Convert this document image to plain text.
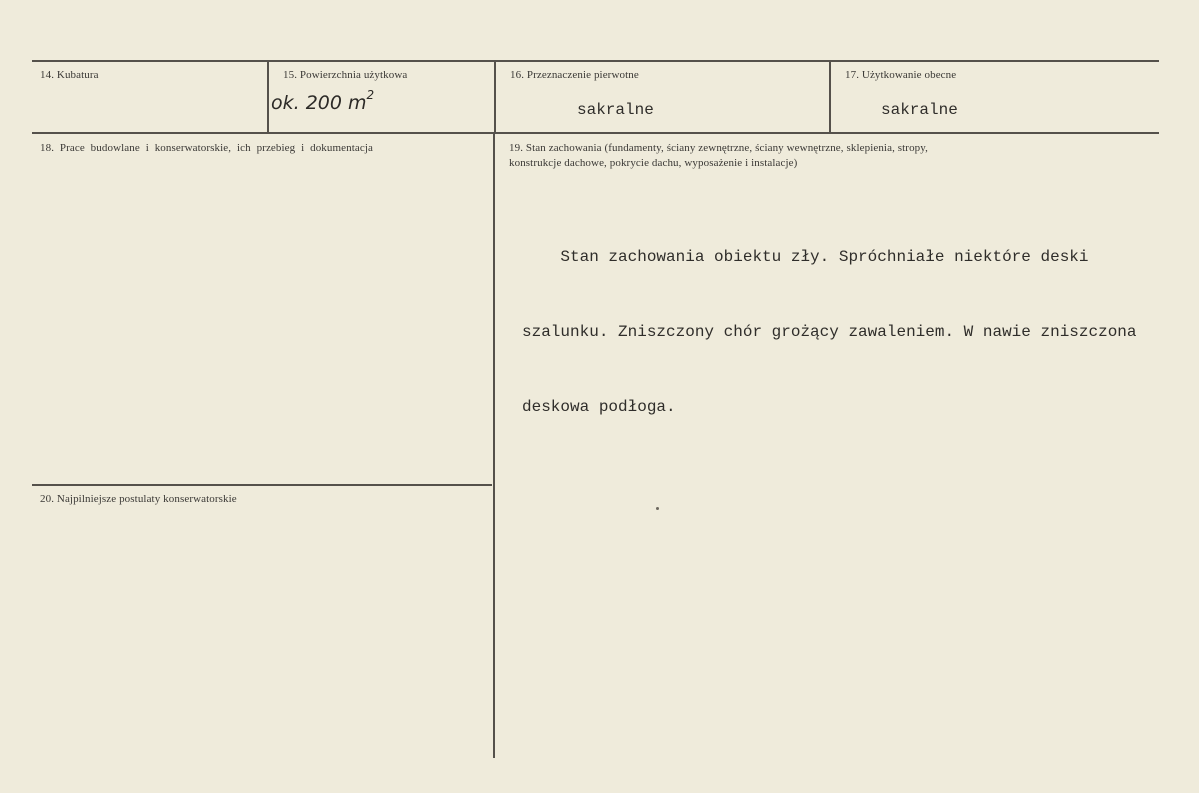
14. Kubatura	15. Powierzchnia użytkowa
ok. 200 $m^2$
16. Przeznaczenie pierwotne
sakralne
17. Użytkowanie obecne
sakralne
18. Prace budowlane i konserwatorskie, ich przebieg i dokumentacja	19. Stan zachowania (fundamenty, ściany zewnętrzne, ściany wewnętrzne, sklepienia, stropy,
konstrukcje dachowe, pokrycie dachu, wyposażenie i instalacje)

Stan zachowania obiektu zły. Spróchniałe niektóre deski

szalunku. Zniszczony chór grożący zawaleniem. W nawie zniszczona

deskowa podłoga.

20. Najpilniejsze postulaty konserwatorskie
